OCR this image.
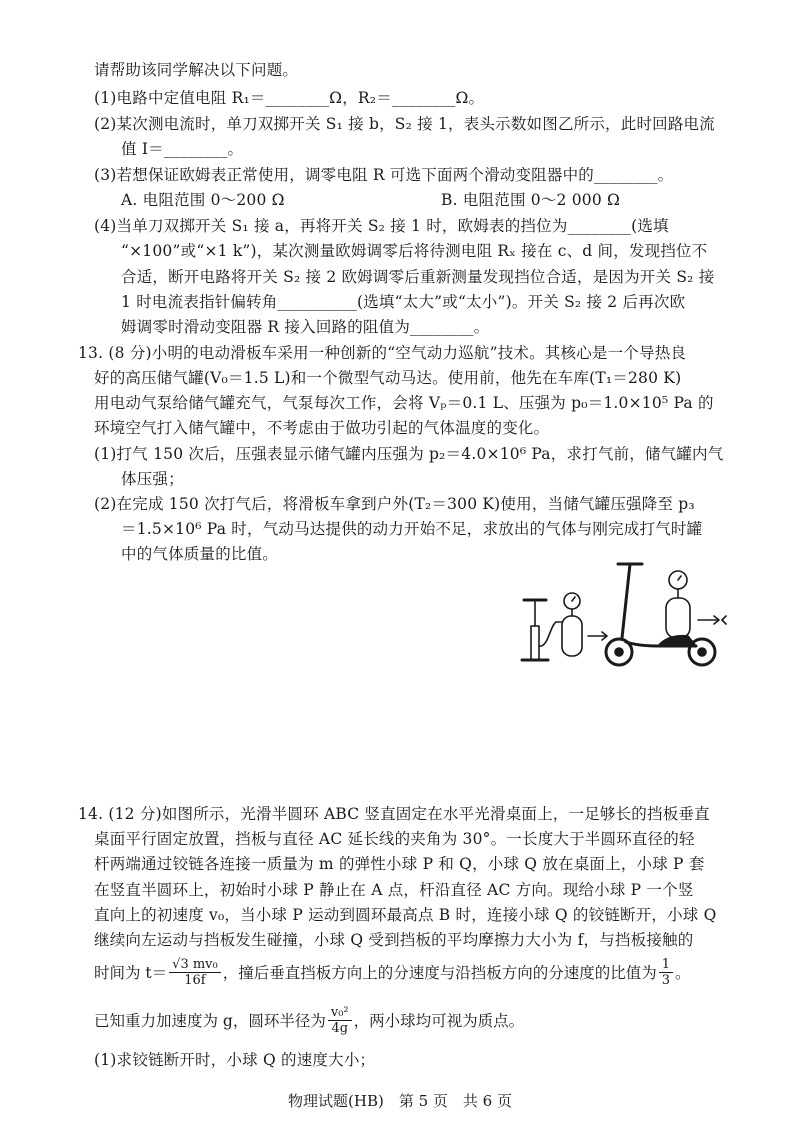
请帮助该同学解决以下问题。
(1)电路中定值电阻 R₁＝________Ω，R₂＝________Ω。
(2)某次测电流时，单刀双掷开关 S₁ 接 b，S₂ 接 1，表头示数如图乙所示，此时回路电流
值 I＝________。
(3)若想保证欧姆表正常使用，调零电阻 R 可选下面两个滑动变阻器中的________。
A. 电阻范围 0～200 Ω	B. 电阻范围 0～2 000 Ω
(4)当单刀双掷开关 S₁ 接 a，再将开关 S₂ 接 1 时，欧姆表的挡位为________(选填
“×100”或“×1 k”)，某次测量欧姆调零后将待测电阻 Rₓ 接在 c、d 间，发现挡位不
合适，断开电路将开关 S₂ 接 2 欧姆调零后重新测量发现挡位合适，是因为开关 S₂ 接
1 时电流表指针偏转角__________(选填“太大”或“太小”)。开关 S₂ 接 2 后再次欧
姆调零时滑动变阻器 R 接入回路的阻值为________。
13. (8 分)小明的电动滑板车采用一种创新的“空气动力巡航”技术。其核心是一个导热良
好的高压储气罐(V₀＝1.5 L)和一个微型气动马达。使用前，他先在车库(T₁＝280 K)
用电动气泵给储气罐充气，气泵每次工作，会将 Vₚ＝0.1 L、压强为 p₀＝1.0×10⁵ Pa 的
环境空气打入储气罐中，不考虑由于做功引起的气体温度的变化。
(1)打气 150 次后，压强表显示储气罐内压强为 p₂＝4.0×10⁶ Pa，求打气前，储气罐内气
体压强；
(2)在完成 150 次打气后，将滑板车拿到户外(T₂＝300 K)使用，当储气罐压强降至 p₃
＝1.5×10⁶ Pa 时，气动马达提供的动力开始不足，求放出的气体与刚完成打气时罐
中的气体质量的比值。
14. (12 分)如图所示，光滑半圆环 ABC 竖直固定在水平光滑桌面上，一足够长的挡板垂直
桌面平行固定放置，挡板与直径 AC 延长线的夹角为 30°。一长度大于半圆环直径的轻
杆两端通过铰链各连接一质量为 m 的弹性小球 P 和 Q，小球 Q 放在桌面上，小球 P 套
在竖直半圆环上，初始时小球 P 静止在 A 点，杆沿直径 AC 方向。现给小球 P 一个竖
直向上的初速度 v₀，当小球 P 运动到圆环最高点 B 时，连接小球 Q 的铰链断开，小球 Q
继续向左运动与挡板发生碰撞，小球 Q 受到挡板的平均摩擦力大小为 f，与挡板接触的
时间为 $t= \frac{\text{√3 mv₀}}{16f}$ ，撞后垂直挡板方向上的分速度与沿挡板方向的分速度的比值为 $\frac{1}{3}$ 。
已知重力加速度为 g，圆环半径为 $\frac{\text{v₀²}}{4g}$ ，两小球均可视为质点。
(1)求铰链断开时，小球 Q 的速度大小；
物理试题(HB)　第 5 页　共 6 页
